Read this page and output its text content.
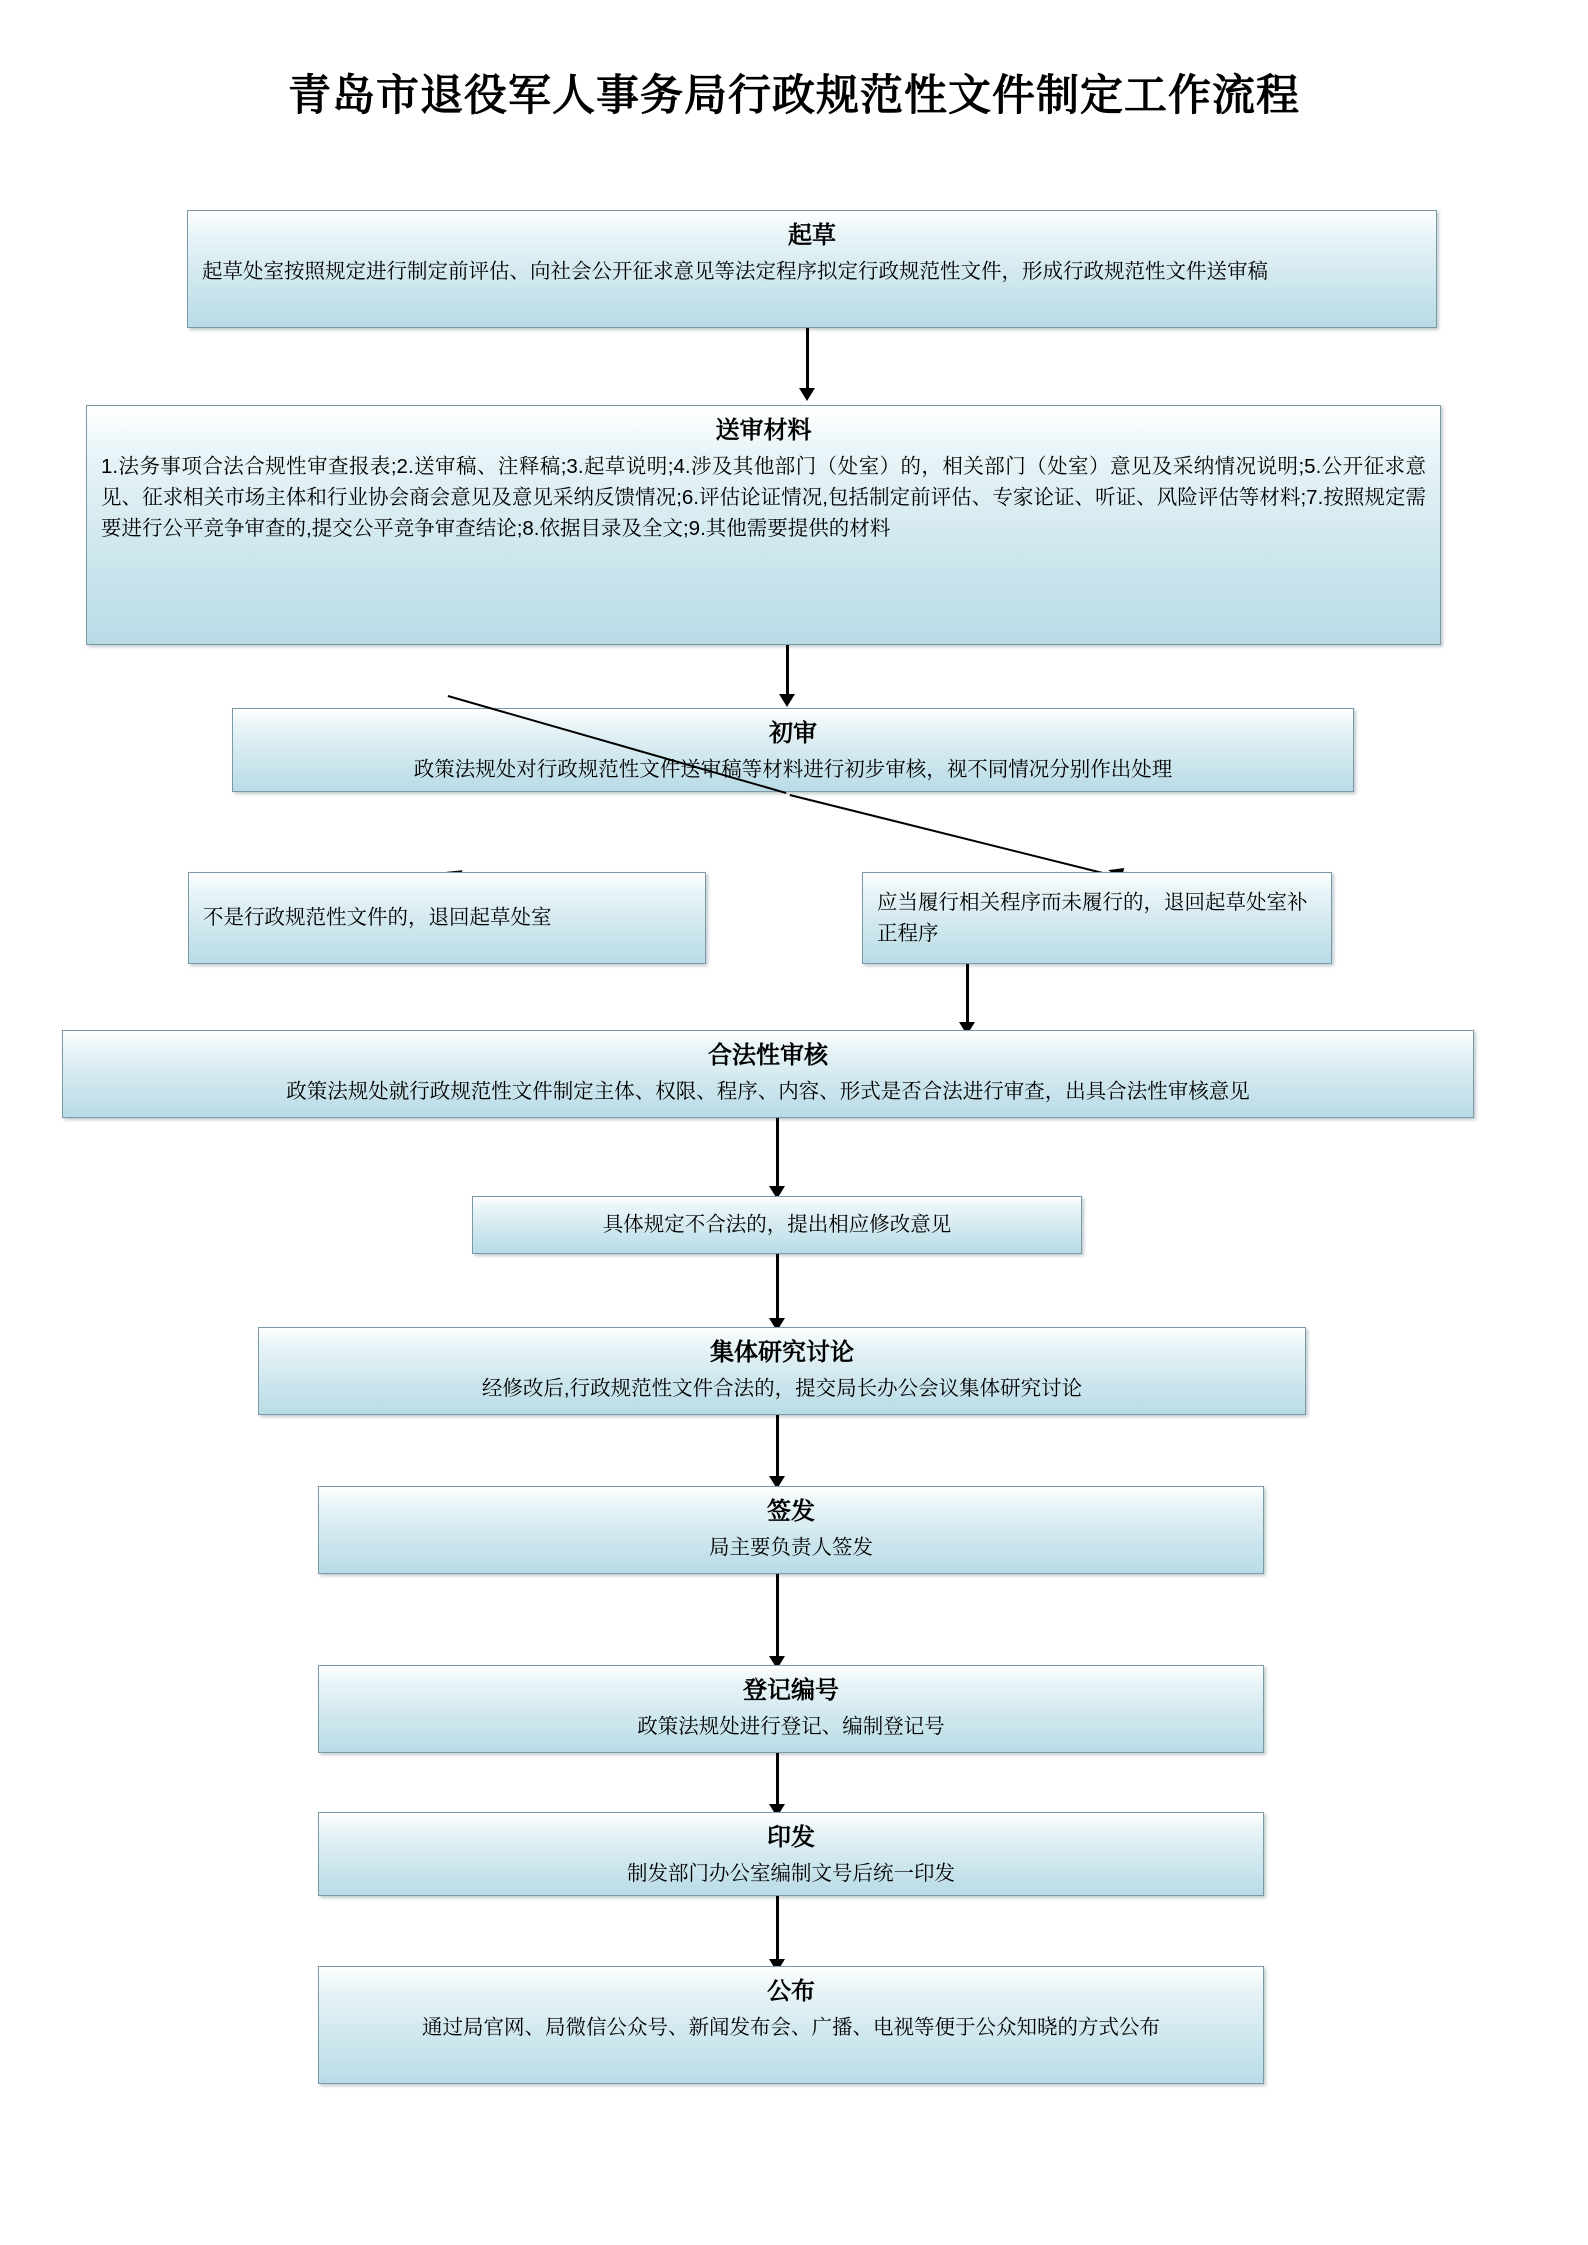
青岛市退役军人事务局行政规范性文件制定工作流程
起草
起草处室按照规定进行制定前评估、向社会公开征求意见等法定程序拟定行政规范性文件，形成行政规范性文件送审稿
送审材料
1.法务事项合法合规性审查报表;2.送审稿、注释稿;3.起草说明;4.涉及其他部门（处室）的，相关部门（处室）意见及采纳情况说明;5.公开征求意见、征求相关市场主体和行业协会商会意见及意见采纳反馈情况;6.评估论证情况,包括制定前评估、专家论证、听证、风险评估等材料;7.按照规定需要进行公平竞争审查的,提交公平竞争审查结论;8.依据目录及全文;9.其他需要提供的材料
初审
政策法规处对行政规范性文件送审稿等材料进行初步审核，视不同情况分别作出处理
不是行政规范性文件的，退回起草处室
应当履行相关程序而未履行的，退回起草处室补正程序
合法性审核
政策法规处就行政规范性文件制定主体、权限、程序、内容、形式是否合法进行审查，出具合法性审核意见
具体规定不合法的，提出相应修改意见
集体研究讨论
经修改后,行政规范性文件合法的，提交局长办公会议集体研究讨论
签发
局主要负责人签发
登记编号
政策法规处进行登记、编制登记号
印发
制发部门办公室编制文号后统一印发
公布
通过局官网、局微信公众号、新闻发布会、广播、电视等便于公众知晓的方式公布
